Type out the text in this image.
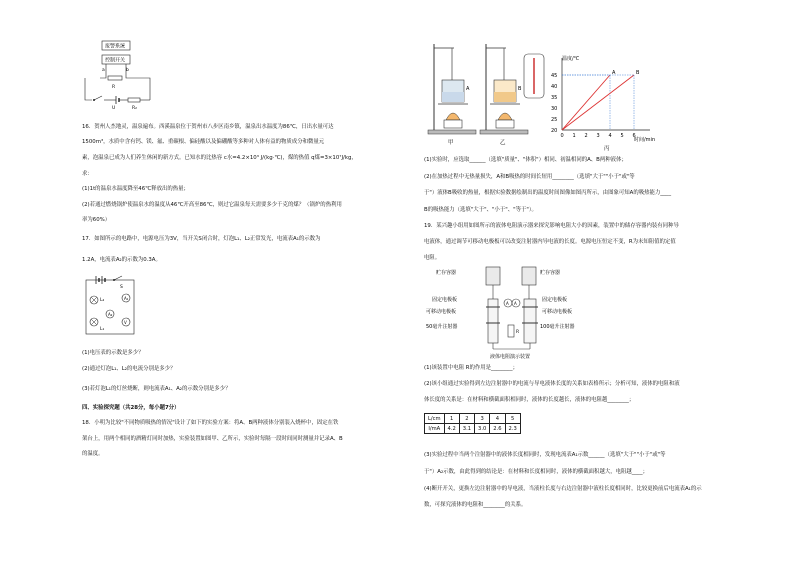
报警系统
控制开关
a	b
R
U	R₂
16．贺州人杰地灵，温泉遍布。西溪温泉位于贺州市八步区南乡镇，温泉出水温度为86℃，日出水量可达
1500m³，水质中含有钙、镁、氟、重碳根、偏硅酸以及偏硼酸等多种对人体有益的物质成分和微量元
素，泡温泉已成为人们养生休闲的新方式。已知水的比热容 c水=4.2×10³ J/(kg·℃)，煤的热值 q煤=3×10⁷J/kg，
求：
(1)1t的温泉水温度降至46℃释放出的热量；
(2)若通过燃烧锅炉使温泉水的温度从46℃开高至86℃，则过它温泉每天需要多少千克的煤？（锅炉的热利用
率为60%）
17．如图所示的电路中，电源电压为3V，当开关S闭合时，灯泡L₁、L₂正常发光，电流表A₁的示数为
1.2A，电流表A₂的示数为0.3A。
S
L₂	A₁
A₂
L₁
V
(1)电压表的示数是多少？
(2)通过灯泡L₁、L₂的电流分别是多少？
(3)若灯泡L₁的灯丝烧断，则电流表A₁、A₂的示数分别是多少？
四、实验探究题（共28分，每小题7分）
18．小明为比较"不同物质吸热的情况"设计了如下的实验方案：将A、B两种液体分别装入烧杯中，固定在铁
架台上，用两个相同的酒精灯同时加热，实验装置如图甲、乙所示，实验时每隔一段时间同时测量并记录A、B
的温度。
A	B
甲	乙
温度/℃
时间/min
丙
0 1 2 3 4 5 6
20
25
30
35
40
45	A	B
(1)实验时，应选取______（选填"质量"、"体积"）相同、初温相同的A、B两种液体；
(2)在加热过程中无热量损失，A和B吸热的时间长短用________（选填"大于""小于"或"等
于"）液体B吸收的热量，根据实验数据绘制出的温度时间图像如图丙所示，由图象可知A的吸热能力____
B的吸热能力（选填"大于"、"小于"、"等于"）。
19．某兴趣小组用如图所示的液体电阻演示器来探究影响电阻大小的因素，装置中的储存容器内装有同种导
电液体，通过调节可移动电极板可以改变注射器内导电液的长度。电源电压恒定不变，R为未知阻值的定值
电阻。
A A
R
贮存容器	贮存容器
固定电极板	固定电极板
可移动电极板	可移动电极板
50毫升注射器	100毫升注射器
液体电阻演示装置
(1)该装置中电阻 R的作用是________；
(2)该小组通过实验得到左边注射器中的电流与导电液体长度的关系如表格所示；分析可知，液体的电阻和液
体长度的关系是：在材料和横截面积相同时，液体的长度越长，液体的电阻越________；
L/cm	1	2	3	4	5
I/mA	4.2	3.1	3.0	2.6	2.3
(3)实验过程中当两个注射器中的液体长度相同时，发现电流表A₁示数______（选填"大于""小于"或"等
于"）A₂示数，由此得到的结论是：在材料和长度相同时，液体的横截面积越大，电阻越____；
(4)断开开关，更换左边注射器中的导电液，当液柱长度与右边注射器中液柱长度相同时，比较更换前后电流表A₁的示
数，可探究液体的电阻和________的关系。
